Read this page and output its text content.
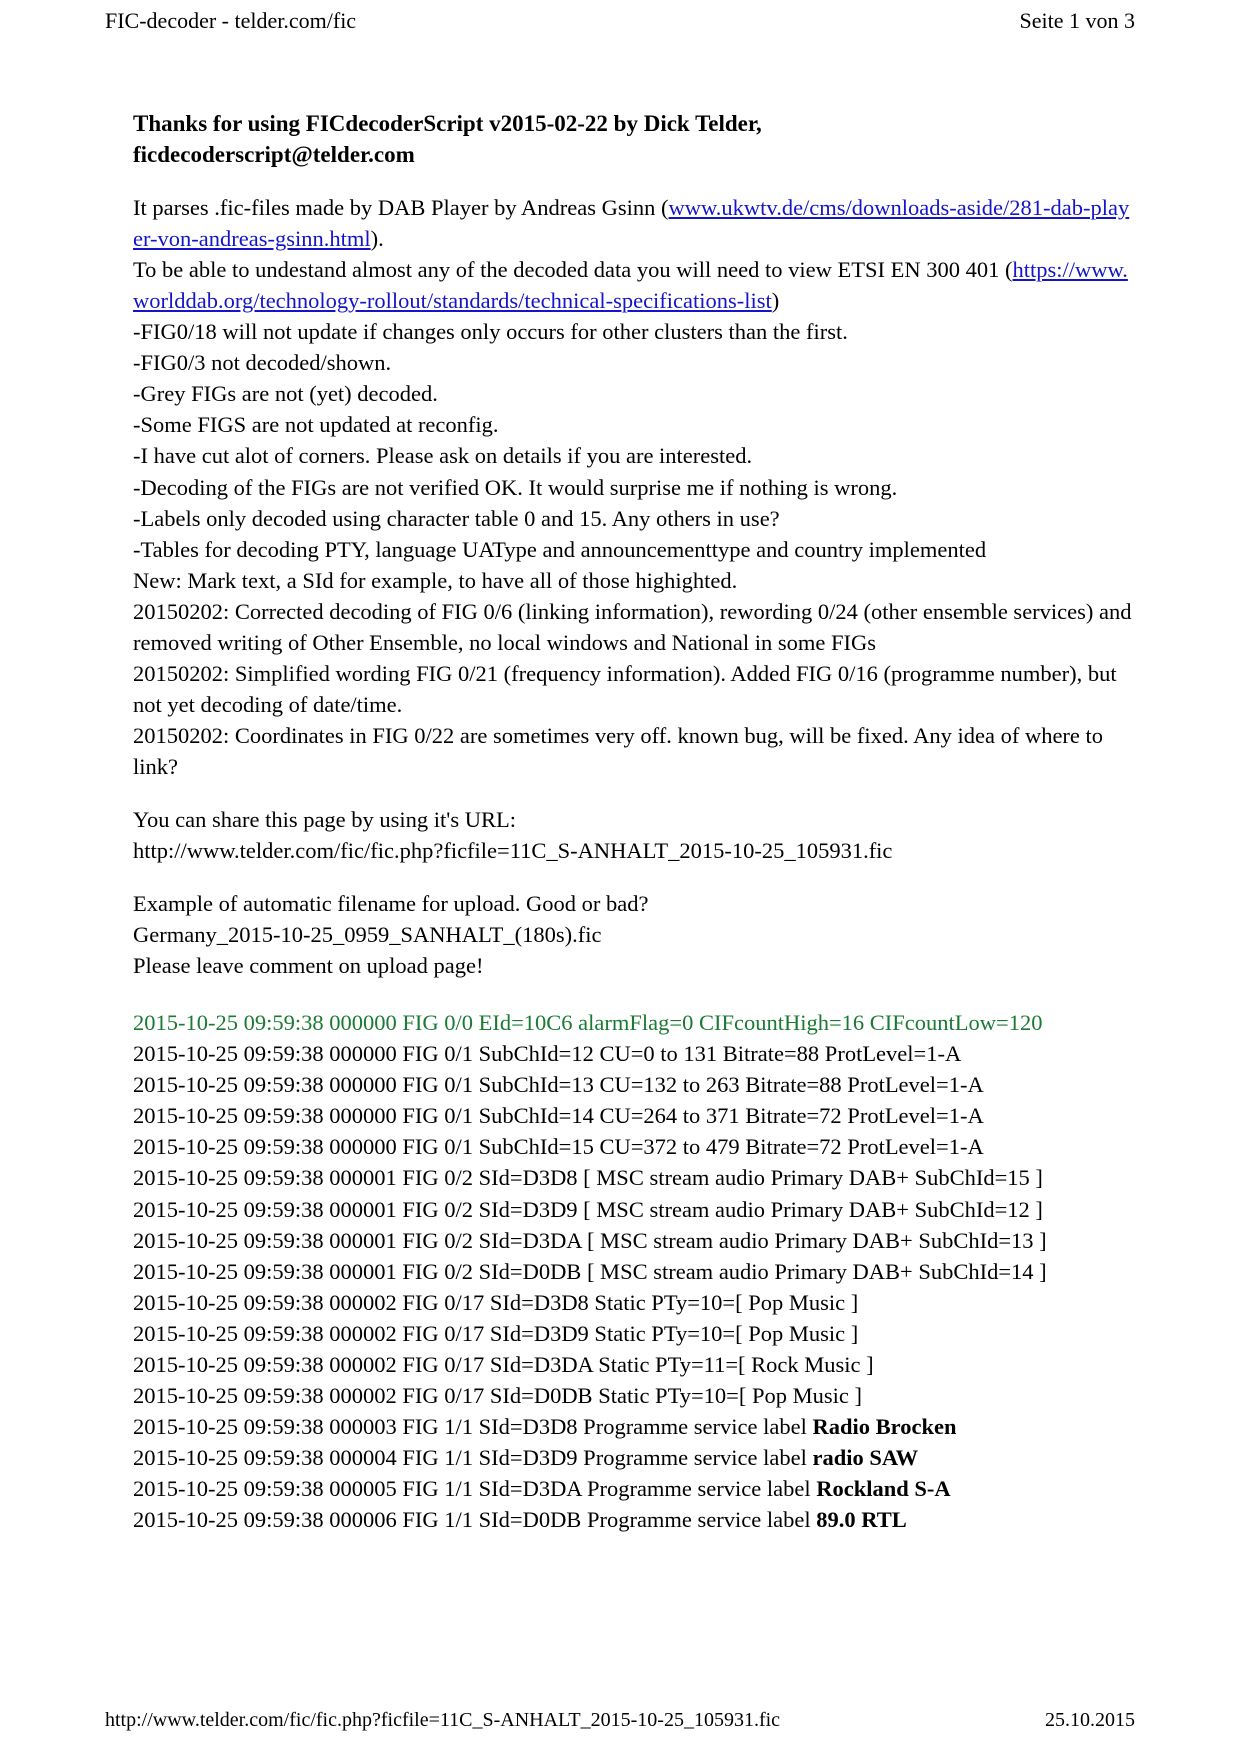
FIC-decoder - telder.com/fic	Seite 1 von 3
Thanks for using FICdecoderScript v2015-02-22 by Dick Telder,
ficdecoderscript@telder.com
It parses .fic-files made by DAB Player by Andreas Gsinn (www.ukwtv.de/cms/downloads-aside/281-dab-player-von-andreas-gsinn.html).
To be able to undestand almost any of the decoded data you will need to view ETSI EN 300 401 (https://www.worlddab.org/technology-rollout/standards/technical-specifications-list)
-FIG0/18 will not update if changes only occurs for other clusters than the first.
-FIG0/3 not decoded/shown.
-Grey FIGs are not (yet) decoded.
-Some FIGS are not updated at reconfig.
-I have cut alot of corners. Please ask on details if you are interested.
-Decoding of the FIGs are not verified OK. It would surprise me if nothing is wrong.
-Labels only decoded using character table 0 and 15. Any others in use?
-Tables for decoding PTY, language UAType and announcementtype and country implemented
New: Mark text, a SId for example, to have all of those highighted.
20150202: Corrected decoding of FIG 0/6 (linking information), rewording 0/24 (other ensemble services) and removed writing of Other Ensemble, no local windows and National in some FIGs
20150202: Simplified wording FIG 0/21 (frequency information). Added FIG 0/16 (programme number), but not yet decoding of date/time.
20150202: Coordinates in FIG 0/22 are sometimes very off. known bug, will be fixed. Any idea of where to link?
You can share this page by using it's URL:
http://www.telder.com/fic/fic.php?ficfile=11C_S-ANHALT_2015-10-25_105931.fic
Example of automatic filename for upload. Good or bad?
Germany_2015-10-25_0959_SANHALT_(180s).fic
Please leave comment on upload page!
2015-10-25 09:59:38 000000 FIG 0/0 EId=10C6 alarmFlag=0 CIFcountHigh=16 CIFcountLow=120
2015-10-25 09:59:38 000000 FIG 0/1 SubChId=12 CU=0 to 131 Bitrate=88 ProtLevel=1-A
2015-10-25 09:59:38 000000 FIG 0/1 SubChId=13 CU=132 to 263 Bitrate=88 ProtLevel=1-A
2015-10-25 09:59:38 000000 FIG 0/1 SubChId=14 CU=264 to 371 Bitrate=72 ProtLevel=1-A
2015-10-25 09:59:38 000000 FIG 0/1 SubChId=15 CU=372 to 479 Bitrate=72 ProtLevel=1-A
2015-10-25 09:59:38 000001 FIG 0/2 SId=D3D8 [ MSC stream audio Primary DAB+ SubChId=15 ]
2015-10-25 09:59:38 000001 FIG 0/2 SId=D3D9 [ MSC stream audio Primary DAB+ SubChId=12 ]
2015-10-25 09:59:38 000001 FIG 0/2 SId=D3DA [ MSC stream audio Primary DAB+ SubChId=13 ]
2015-10-25 09:59:38 000001 FIG 0/2 SId=D0DB [ MSC stream audio Primary DAB+ SubChId=14 ]
2015-10-25 09:59:38 000002 FIG 0/17 SId=D3D8 Static PTy=10=[ Pop Music ]
2015-10-25 09:59:38 000002 FIG 0/17 SId=D3D9 Static PTy=10=[ Pop Music ]
2015-10-25 09:59:38 000002 FIG 0/17 SId=D3DA Static PTy=11=[ Rock Music ]
2015-10-25 09:59:38 000002 FIG 0/17 SId=D0DB Static PTy=10=[ Pop Music ]
2015-10-25 09:59:38 000003 FIG 1/1 SId=D3D8 Programme service label Radio Brocken
2015-10-25 09:59:38 000004 FIG 1/1 SId=D3D9 Programme service label radio SAW
2015-10-25 09:59:38 000005 FIG 1/1 SId=D3DA Programme service label Rockland S-A
2015-10-25 09:59:38 000006 FIG 1/1 SId=D0DB Programme service label 89.0 RTL
http://www.telder.com/fic/fic.php?ficfile=11C_S-ANHALT_2015-10-25_105931.fic	25.10.2015
